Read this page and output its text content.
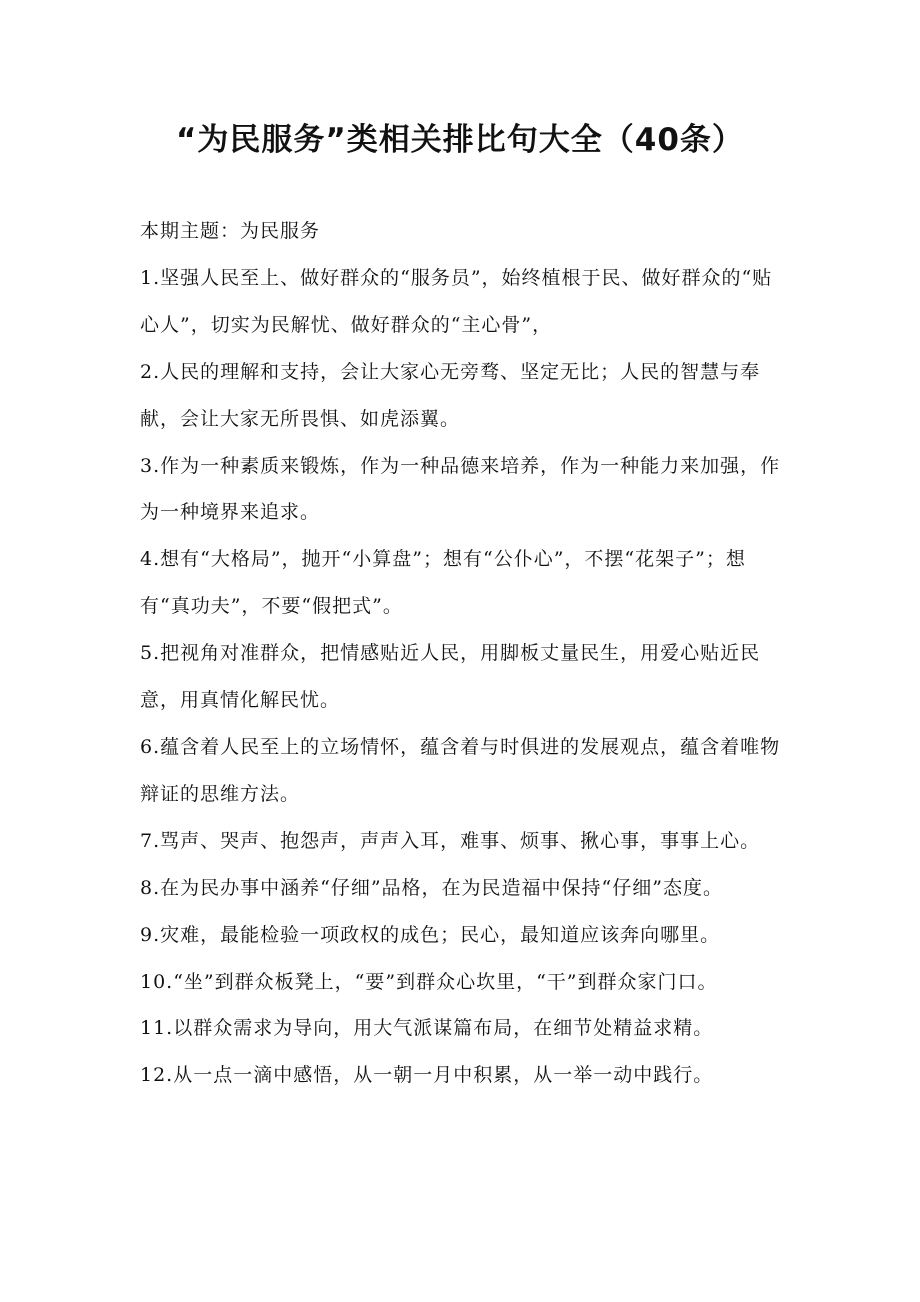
“为民服务”类相关排比句大全（40条）

本期主题：为民服务

1.坚强人民至上、做好群众的“服务员”，始终植根于民、做好群众的“贴心人”，切实为民解忧、做好群众的“主心骨”，

2.人民的理解和支持，会让大家心无旁骛、坚定无比；人民的智慧与奉献，会让大家无所畏惧、如虎添翼。

3.作为一种素质来锻炼，作为一种品德来培养，作为一种能力来加强，作为一种境界来追求。

4.想有“大格局”，抛开“小算盘”；想有“公仆心”，不摆“花架子”；想有“真功夫”，不要“假把式”。

5.把视角对准群众，把情感贴近人民，用脚板丈量民生，用爱心贴近民意，用真情化解民忧。

6.蕴含着人民至上的立场情怀，蕴含着与时俱进的发展观点，蕴含着唯物辩证的思维方法。

7.骂声、哭声、抱怨声，声声入耳，难事、烦事、揪心事，事事上心。

8.在为民办事中涵养“仔细”品格，在为民造福中保持“仔细”态度。

9.灾难，最能检验一项政权的成色；民心，最知道应该奔向哪里。

10.“坐”到群众板凳上，“要”到群众心坎里，“干”到群众家门口。

11.以群众需求为导向，用大气派谋篇布局，在细节处精益求精。

12.从一点一滴中感悟，从一朝一月中积累，从一举一动中践行。
